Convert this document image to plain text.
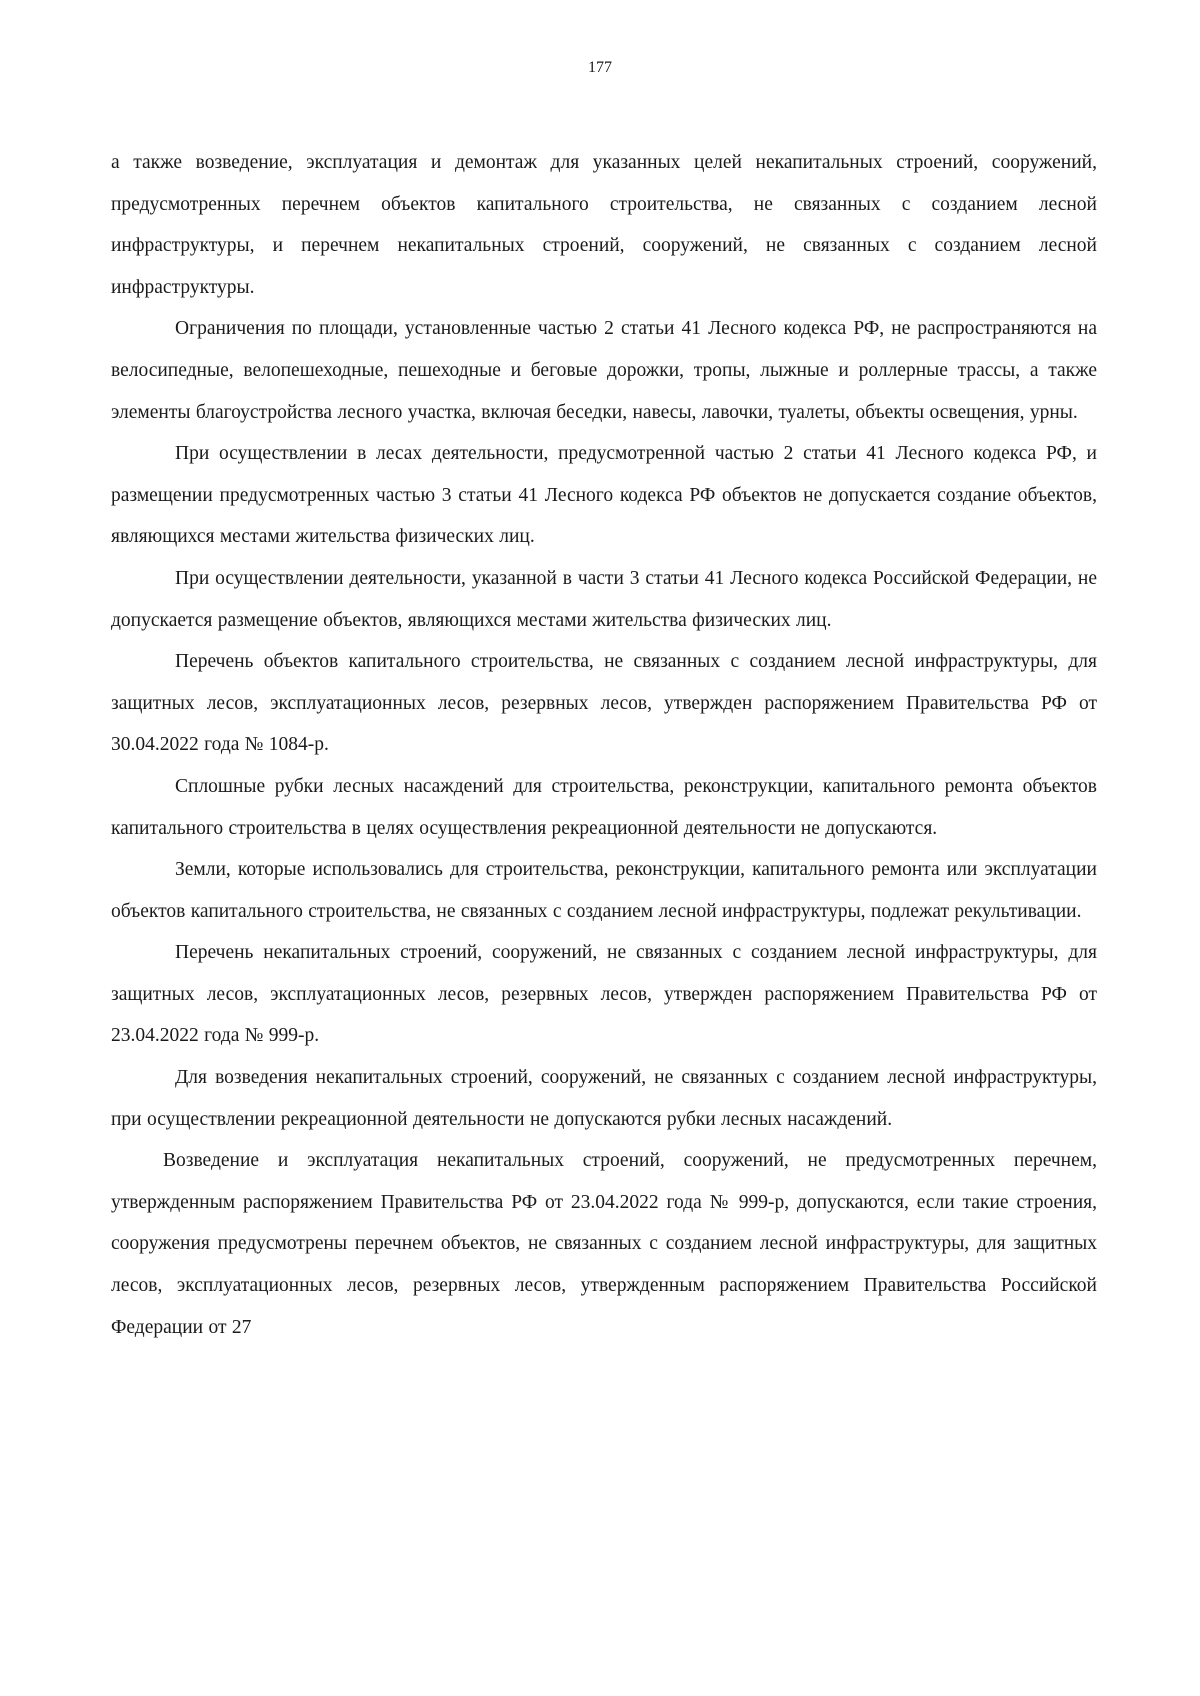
177

а также возведение, эксплуатация и демонтаж для указанных целей некапитальных строений, сооружений, предусмотренных перечнем объектов капитального строительства, не связанных с созданием лесной инфраструктуры, и перечнем некапитальных строений, сооружений, не связанных с созданием лесной инфраструктуры.

Ограничения по площади, установленные частью 2 статьи 41 Лесного кодекса РФ, не распространяются на велосипедные, велопешеходные, пешеходные и беговые дорожки, тропы, лыжные и роллерные трассы, а также элементы благоустройства лесного участка, включая беседки, навесы, лавочки, туалеты, объекты освещения, урны.

При осуществлении в лесах деятельности, предусмотренной частью 2 статьи 41 Лесного кодекса РФ, и размещении предусмотренных частью 3 статьи 41 Лесного кодекса РФ объектов не допускается создание объектов, являющихся местами жительства физических лиц.

При осуществлении деятельности, указанной в части 3 статьи 41 Лесного кодекса Российской Федерации, не допускается размещение объектов, являющихся местами жительства физических лиц.

Перечень объектов капитального строительства, не связанных с созданием лесной инфраструктуры, для защитных лесов, эксплуатационных лесов, резервных лесов, утвержден распоряжением Правительства РФ от 30.04.2022 года № 1084-р.

Сплошные рубки лесных насаждений для строительства, реконструкции, капитального ремонта объектов капитального строительства в целях осуществления рекреационной деятельности не допускаются.

Земли, которые использовались для строительства, реконструкции, капитального ремонта или эксплуатации объектов капитального строительства, не связанных с созданием лесной инфраструктуры, подлежат рекультивации.

Перечень некапитальных строений, сооружений, не связанных с созданием лесной инфраструктуры, для защитных лесов, эксплуатационных лесов, резервных лесов, утвержден распоряжением Правительства РФ от 23.04.2022 года № 999-р.

Для возведения некапитальных строений, сооружений, не связанных с созданием лесной инфраструктуры, при осуществлении рекреационной деятельности не допускаются рубки лесных насаждений.

Возведение и эксплуатация некапитальных строений, сооружений, не предусмотренных перечнем, утвержденным распоряжением Правительства РФ от 23.04.2022 года № 999-р, допускаются, если такие строения, сооружения предусмотрены перечнем объектов, не связанных с созданием лесной инфраструктуры, для защитных лесов, эксплуатационных лесов, резервных лесов, утвержденным распоряжением Правительства Российской Федерации от 27
